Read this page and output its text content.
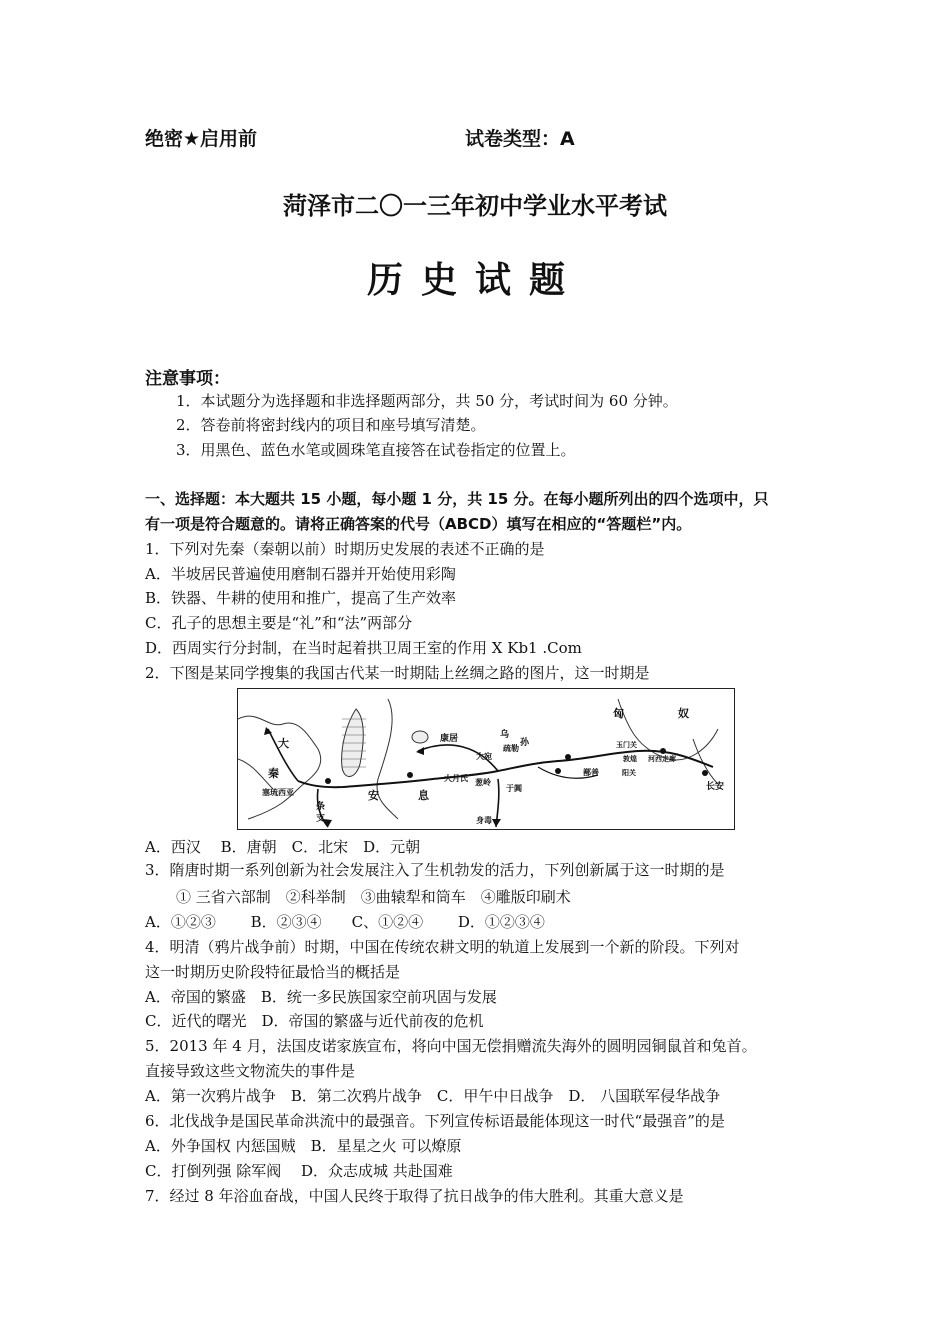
绝密★启用前	试卷类型：A
菏泽市二〇一三年初中学业水平考试
历史试题
注意事项：
1．本试题分为选择题和非选择题两部分，共 50 分，考试时间为 60 分钟。
2．答卷前将密封线内的项目和座号填写清楚。
3．用黑色、蓝色水笔或圆珠笔直接答在试卷指定的位置上。
一、选择题：本大题共 15 小题，每小题 1 分，共 15 分。在每小题所列出的四个选项中，只
有一项是符合题意的。请将正确答案的代号（ABCD）填写在相应的“答题栏”内。
1．下列对先秦（秦朝以前）时期历史发展的表述不正确的是
A．半坡居民普遍使用磨制石器并开始使用彩陶
B．铁器、牛耕的使用和推广，提高了生产效率
C．孔子的思想主要是“礼”和“法”两部分
D．西周实行分封制，在当时起着拱卫周王室的作用 X Kb1 .Com
2．下图是某同学搜集的我国古代某一时期陆上丝绸之路的图片，这一时期是
匈	奴
康居	乌
孙
大
秦
大宛
疏勒
大月氏 葱岭
玉门关
敦煌
阳关
河西走廊
鄯善
长安
塞琉西亚	安	息
条
支
于阗
身毒
A．西汉 　B．唐朝　C．北宋　D．元朝
3．隋唐时期一系列创新为社会发展注入了生机勃发的活力，下列创新属于这一时期的是
① 三省六部制　②科举制　③曲辕犁和筒车　④雕版印刷术
A．①②③　　 B．②③④　　C、①②④　　 D．①②③④
4．明清（鸦片战争前）时期，中国在传统农耕文明的轨道上发展到一个新的阶段。下列对
这一时期历史阶段特征最恰当的概括是
A．帝国的繁盛　B．统一多民族国家空前巩固与发展
C．近代的曙光　D．帝国的繁盛与近代前夜的危机
5．2013 年 4 月，法国皮诺家族宣布，将向中国无偿捐赠流失海外的圆明园铜鼠首和兔首。
直接导致这些文物流失的事件是
A．第一次鸦片战争　B．第二次鸦片战争　C．甲午中日战争　D． 八国联军侵华战争
6．北伐战争是国民革命洪流中的最强音。下列宣传标语最能体现这一时代“最强音”的是
A．外争国权 内惩国贼　B．星星之火 可以燎原
C．打倒列强 除军阀　 D．众志成城 共赴国难
7．经过 8 年浴血奋战，中国人民终于取得了抗日战争的伟大胜利。其重大意义是
